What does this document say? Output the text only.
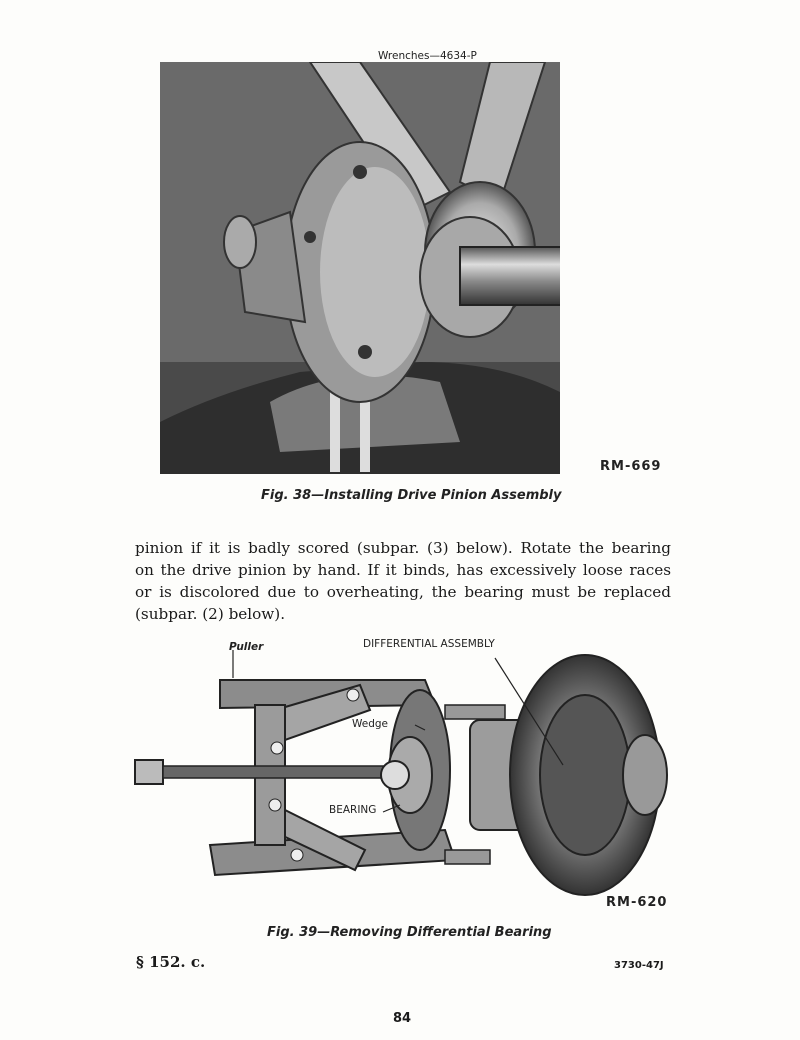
Wrenches—4634-P
RM-669
Fig. 38—Installing Drive Pinion Assembly
pinion if it is badly scored (subpar. (3) below). Rotate the bearing
on the drive pinion by hand. If it binds, has excessively loose races
or is discolored due to overheating, the bearing must be replaced
(subpar. (2) below).
Puller	DIFFERENTIAL ASSEMBLY
Wedge
BEARING
RM-620
Fig. 39—Removing Differential Bearing
§ 152. c.	3730-47J
84
